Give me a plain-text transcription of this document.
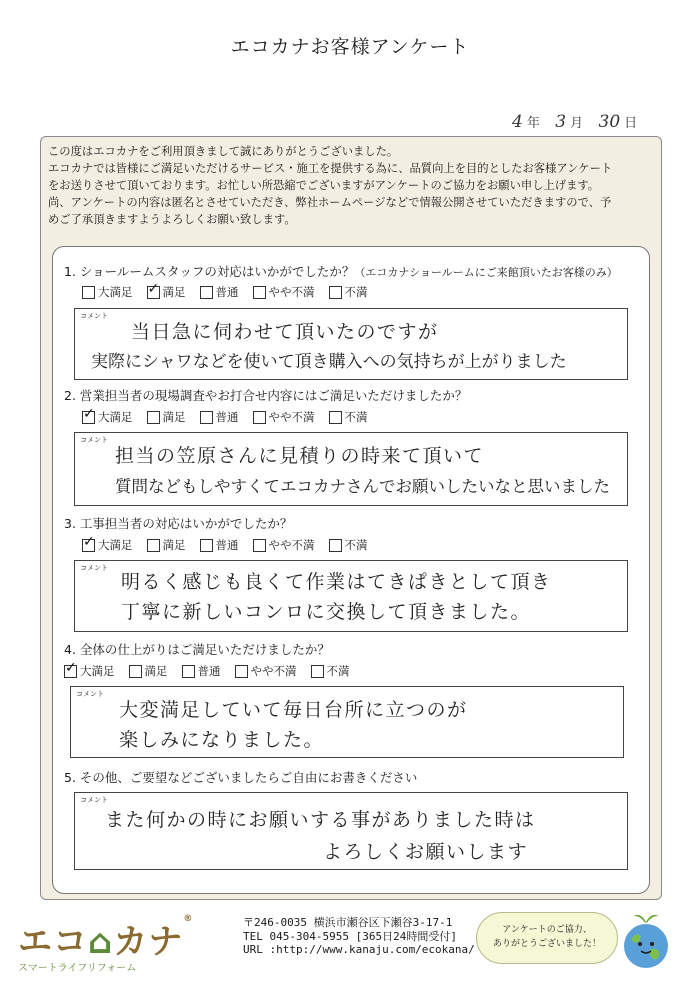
エコカナお客様アンケート
4 年 3 月 30 日
この度はエコカナをご利用頂きまして誠にありがとうございました。
エコカナでは皆様にご満足いただけるサービス・施工を提供する為に、品質向上を目的としたお客様アンケート
をお送りさせて頂いております。お忙しい所恐縮でございますがアンケートのご協力をお願い申し上げます。
尚、アンケートの内容は匿名とさせていただき、弊社ホームページなどで情報公開させていただきますので、予
めご了承頂きますようよろしくお願い致します。
1. ショールームスタッフの対応はいかがでしたか？（エコカナショールームにご来館頂いたお客様のみ）
大満足
✓	満足	普通	やや不満	不満
コメント
当日急に伺わせて頂いたのですが
実際にシャワなどを使いて頂き購入への気持ちが上がりました
2. 営業担当者の現場調査やお打合せ内容にはご満足いただけましたか？
✓
大満足	満足	普通	やや不満	不満
コメント
担当の笠原さんに見積りの時来て頂いて
質問などもしやすくてエコカナさんでお願いしたいなと思いました
3. 工事担当者の対応はいかがでしたか？
✓
大満足	満足	普通	やや不満	不満
コメント
明るく感じも良くて作業はてきぱきとして頂き
丁寧に新しいコンロに交換して頂きました。
4. 全体の仕上がりはご満足いただけましたか？
✓
大満足	満足	普通	やや不満	不満
コメント
大変満足していて毎日台所に立つのが
楽しみになりました。
5. その他、ご要望などございましたらご自由にお書きください
コメント
また何かの時にお願いする事がありました時は
よろしくお願いします
エコ⌂カナ®
スマートライフリフォーム
〒246-0035 横浜市瀬谷区下瀬谷3-17-1
TEL 045-304-5955 [365日24時間受付]
URL :http://www.kanaju.com/ecokana/
アンケートのご協力、
ありがとうございました！
